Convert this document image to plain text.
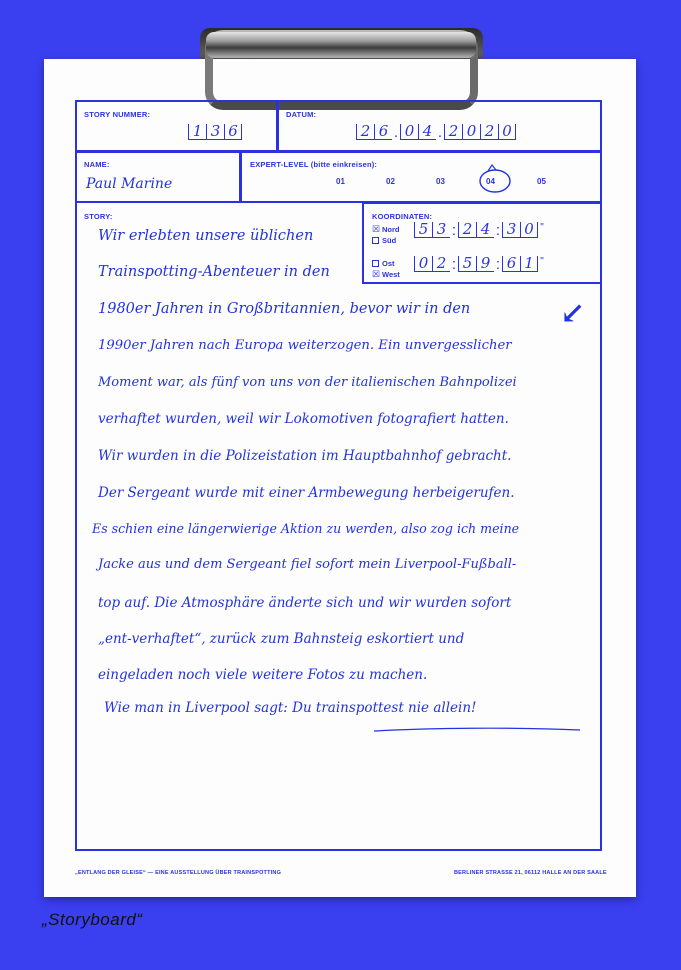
STORY NUMMER:
1 3 6
DATUM:
2 6 . 0 4 . 2 0 2 0
NAME:
Paul Marine
EXPERT-LEVEL (bitte einkreisen):
01	02	03	04	05
STORY:	KOORDINATEN:
☒ Nord
Süd
5 3 : 2 4 : 3 0 "
Ost
☒ West
0 2 : 5 9 : 6 1 "
↙
Wir erlebten unsere üblichen
Trainspotting-Abenteuer in den
1980er Jahren in Großbritannien, bevor wir in den
1990er Jahren nach Europa weiterzogen. Ein unvergesslicher
Moment war, als fünf von uns von der italienischen Bahnpolizei
verhaftet wurden, weil wir Lokomotiven fotografiert hatten.
Wir wurden in die Polizeistation im Hauptbahnhof gebracht.
Der Sergeant wurde mit einer Armbewegung herbeigerufen.
Es schien eine längerwierige Aktion zu werden, also zog ich meine
Jacke aus und dem Sergeant fiel sofort mein Liverpool-Fußball-
top auf. Die Atmosphäre änderte sich und wir wurden sofort
„ent-verhaftet“, zurück zum Bahnsteig eskortiert und
eingeladen noch viele weitere Fotos zu machen.
Wie man in Liverpool sagt: Du trainspottest nie allein!
„ENTLANG DER GLEISE“ — EINE AUSSTELLUNG ÜBER TRAINSPOTTING	BERLINER STRASSE 21, 06112 HALLE AN DER SAALE
„Storyboard“
